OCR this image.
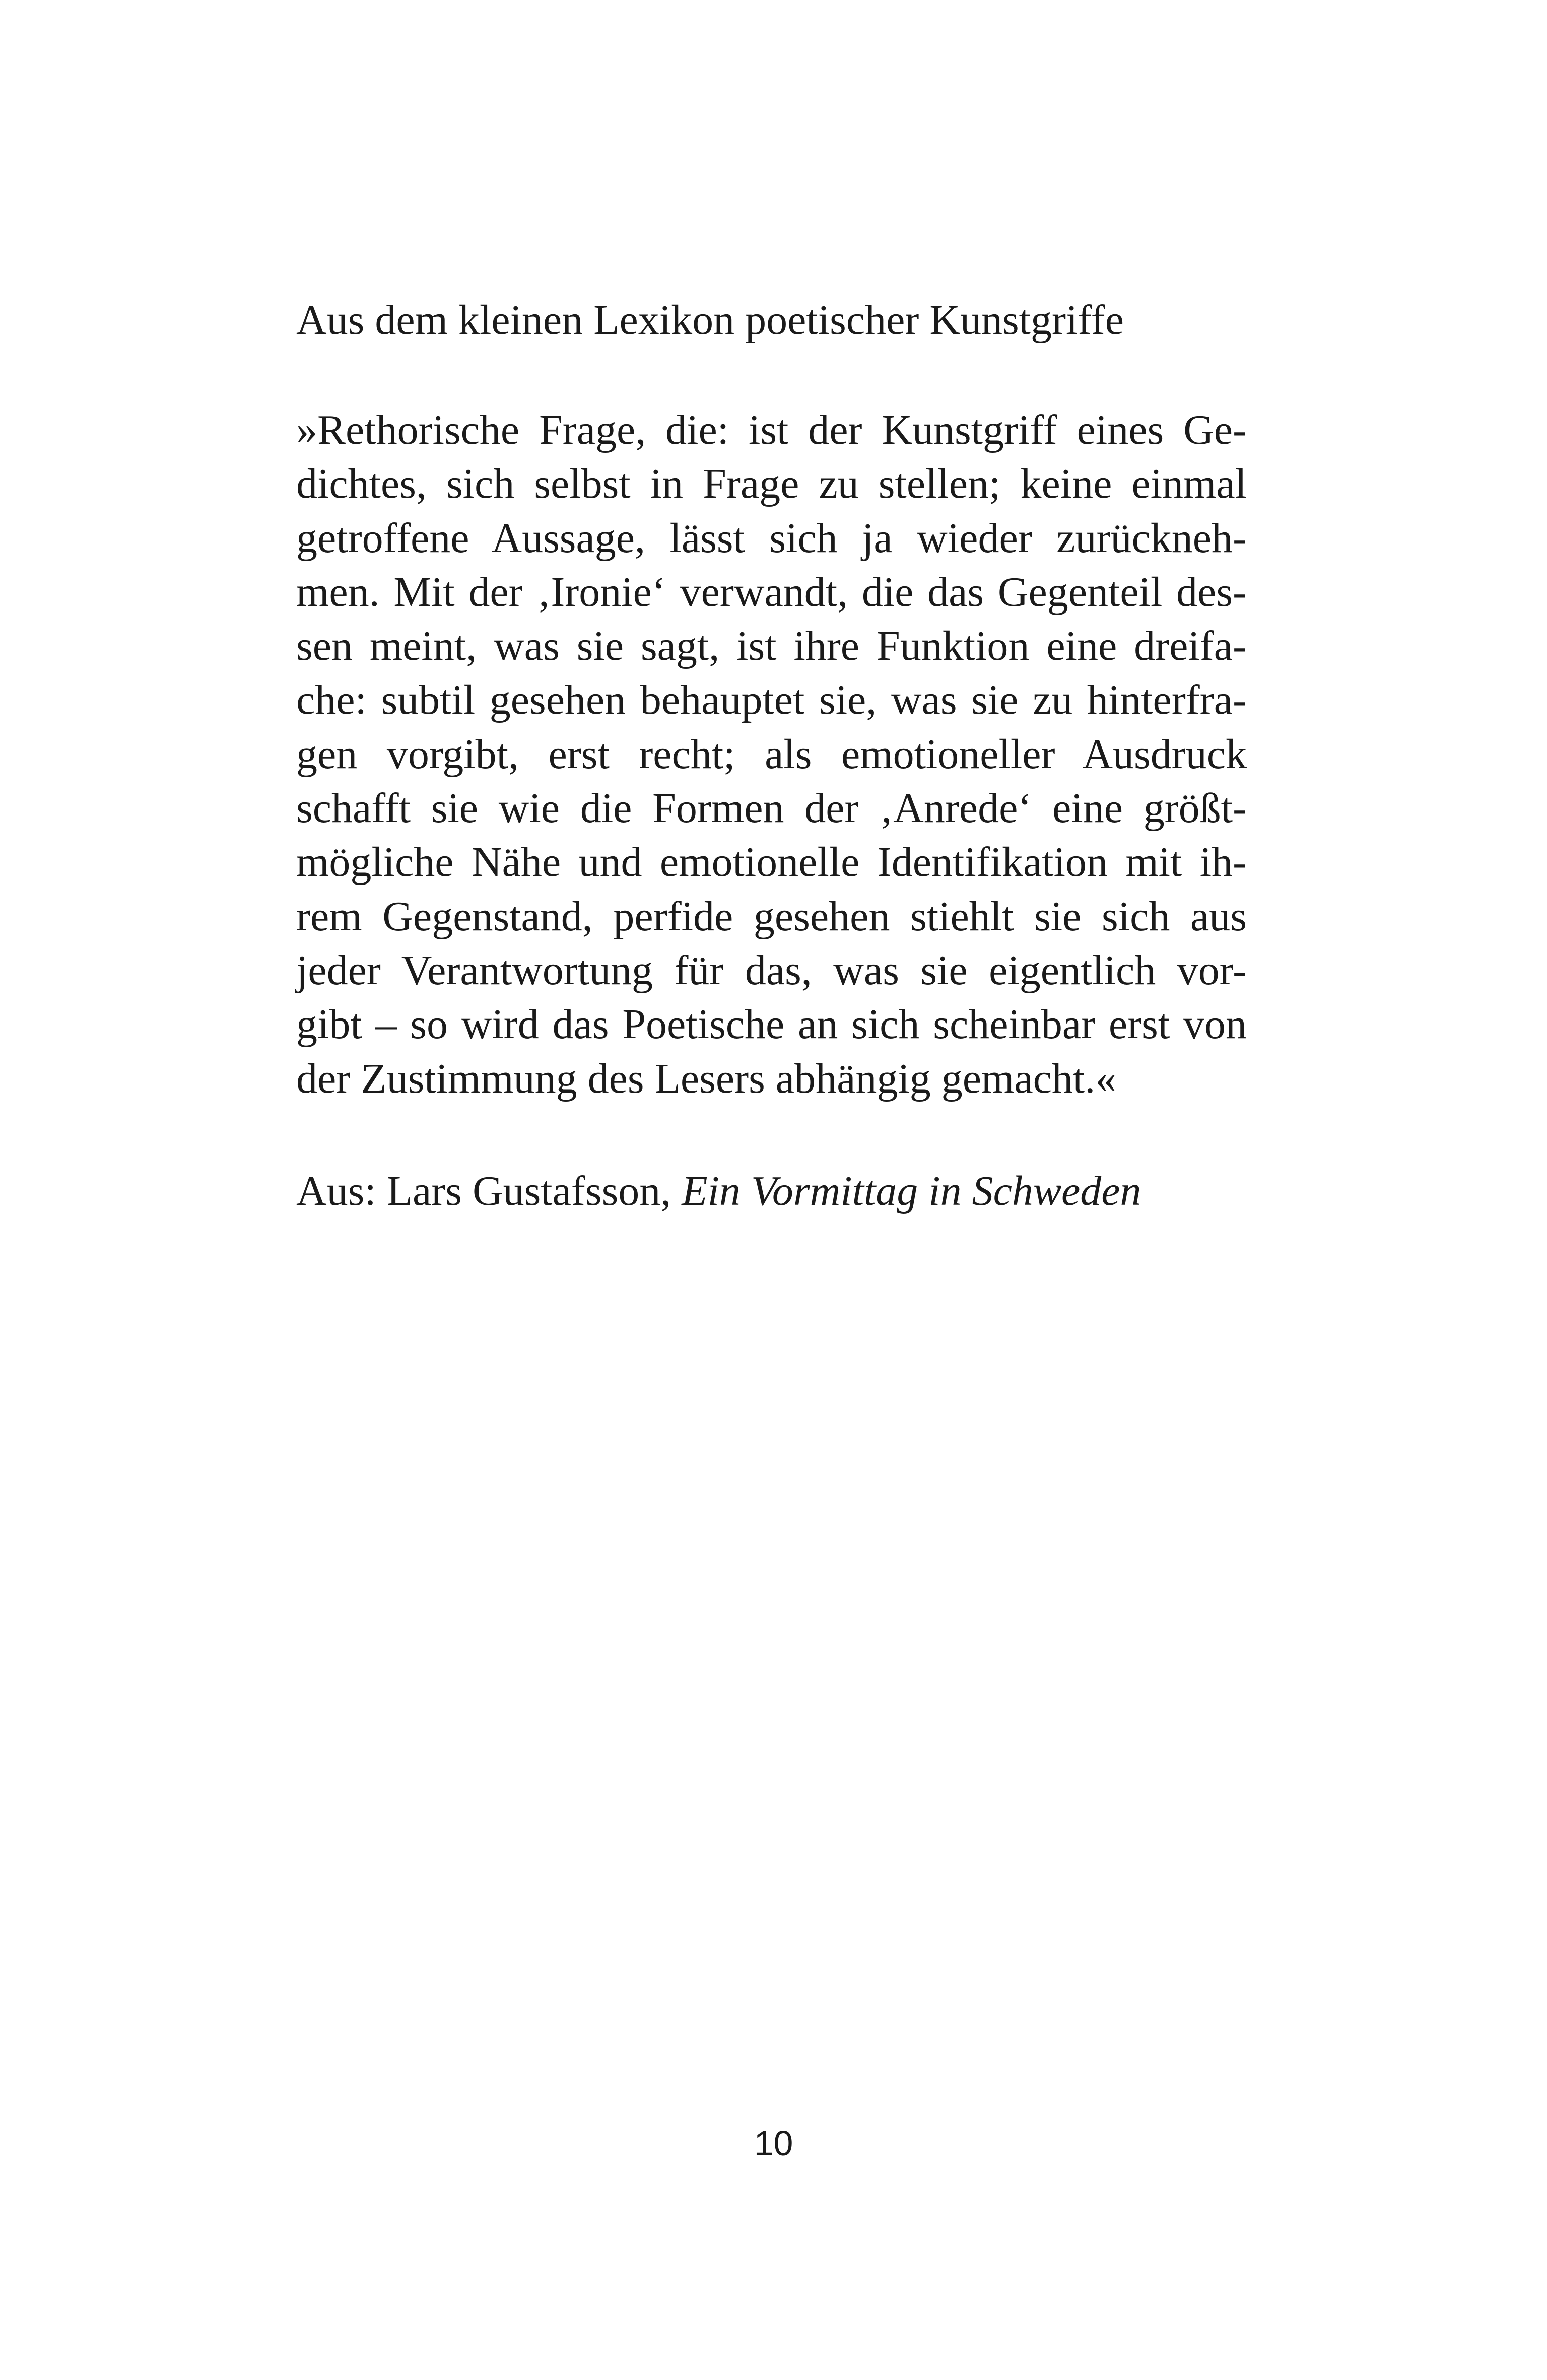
Aus dem kleinen Lexikon poetischer Kunstgriffe
»Rethorische Frage, die: ist der Kunstgriff eines Ge-
dichtes, sich selbst in Frage zu stellen; keine einmal
getroffene Aussage, lässt sich ja wieder zurückneh-
men. Mit der ‚Ironie‘ verwandt, die das Gegenteil des-
sen meint, was sie sagt, ist ihre Funktion eine dreifa-
che: subtil gesehen behauptet sie, was sie zu hinterfra-
gen vorgibt, erst recht; als emotioneller Ausdruck
schafft sie wie die Formen der ‚Anrede‘ eine größt-
mögliche Nähe und emotionelle Identifikation mit ih-
rem Gegenstand, perfide gesehen stiehlt sie sich aus
jeder Verantwortung für das, was sie eigentlich vor-
gibt – so wird das Poetische an sich scheinbar erst von
der Zustimmung des Lesers abhängig gemacht.«
Aus: Lars Gustafsson, Ein Vormittag in Schweden
10
